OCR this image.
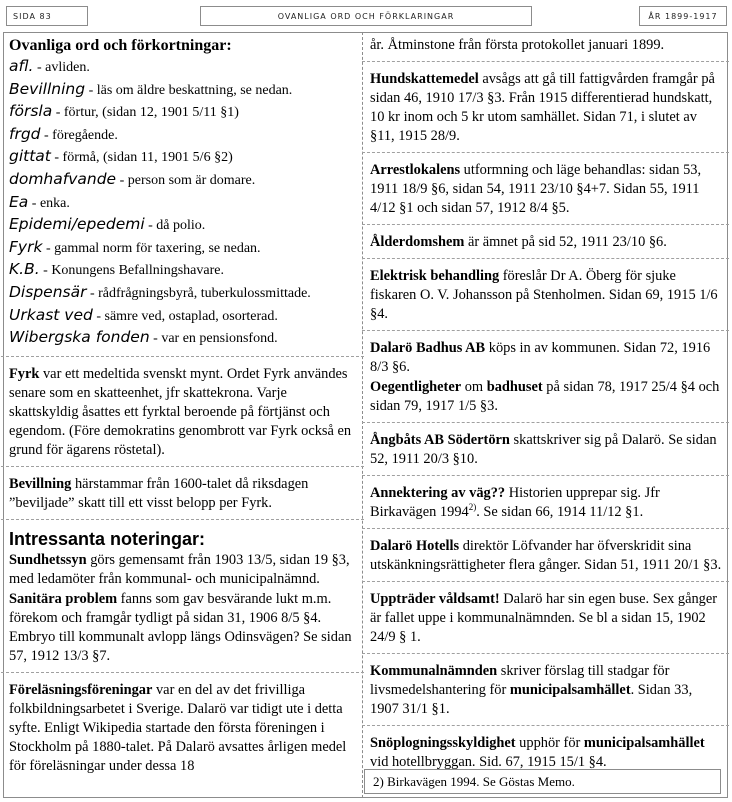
SIDA 83	OVANLIGA ORD OCH FÖRKLARINGAR	ÅR 1899-1917
Ovanliga ord och förkortningar:
afl. - avliden.
Bevillning - läs om äldre beskattning, se nedan.
förslа - förtur, (sidan 12, 1901 5/11 §1)
frgd - föregående.
gittat - förmå, (sidan 11, 1901 5/6 §2)
domhafvande - person som är domare.
Ea - enka.
Epidemi/epedemi - då polio.
Fyrk - gammal norm för taxering, se nedan.
K.B. - Konungens Befallningshavare.
Dispensär - rådfrågningsbyrå, tuberkulossmittade.
Urkast ved - sämre ved, ostaplad, osorterad.
Wibergska fonden - var en pensionsfond.
Fyrk var ett medeltida svenskt mynt. Ordet Fyrk användes senare som en skatteenhet, jfr skattekrona. Varje skattskyldig åsattes ett fyrktal beroende på förtjänst och egendom. (Före demokratins genombrott var Fyrk också en grund för ägarens röstetal).
Bevillning härstammar från 1600-talet då riksdagen ”beviljade” skatt till ett visst belopp per Fyrk.
Intressanta noteringar:
Sundhetssyn görs gemensamt från 1903 13/5, sidan 19 §3, med ledamöter från kommunal- och municipalnämnd.
Sanitära problem fanns som gav besvärande lukt m.m. förekom och framgår tydligt på sidan 31, 1906 8/5 §4. Embryo till kommunalt avlopp längs Odinsvägen? Se sidan 57, 1912 13/3 §7.
Föreläsningsföreningar var en del av det frivilliga folkbildningsarbetet i Sverige. Dalarö var tidigt ute i detta syfte. Enligt Wikipedia startade den första föreningen i Stockholm på 1880-talet. På Dalarö avsattes årligen medel för föreläsningar under dessa 18
år. Åtminstone från första protokollet januari 1899.
Hundskattemedel avsågs att gå till fattigvården framgår på sidan 46, 1910 17/3 §3. Från 1915 differentierad hundskatt, 10 kr inom och 5 kr utom samhället. Sidan 71, i slutet av §11, 1915 28/9.
Arrestlokalens utformning och läge behandlas: sidan 53, 1911 18/9 §6, sidan 54, 1911 23/10 §4+7. Sidan 55, 1911 4/12 §1 och sidan 57, 1912 8/4 §5.
Ålderdomshem är ämnet på sid 52, 1911 23/10 §6.
Elektrisk behandling föreslår Dr A. Öberg för sjuke fiskaren O. V. Johansson på Stenholmen. Sidan 69, 1915 1/6 §4.
Dalarö Badhus AB köps in av kommunen. Sidan 72, 1916 8/3 §6.
Oegentligheter om badhuset på sidan 78, 1917 25/4 §4 och sidan 79, 1917 1/5 §3.
Ångbåts AB Södertörn skattskriver sig på Dalarö. Se sidan 52, 1911 20/3 §10.
Annektering av väg?? Historien upprepar sig. Jfr Birkavägen 1994$^{2)}$. Se sidan 66, 1914 11/12 §1.
Dalarö Hotells direktör Löfvander har öfverskridit sina utskänkningsrättigheter flera gånger. Sidan 51, 1911 20/1 §3.
Uppträder våldsamt! Dalarö har sin egen buse. Sex gånger är fallet uppe i kommunalnämnden. Se bl a sidan 15, 1902 24/9 § 1.
Kommunalnämnden skriver förslag till stadgar för livsmedelshantering för municipalsamhället. Sidan 33, 1907 31/1 §1.
Snöplogningsskyldighet upphör för municipalsamhället vid hotellbryggan. Sid. 67, 1915 15/1 §4.
2) Birkavägen 1994. Se Göstas Memo.
